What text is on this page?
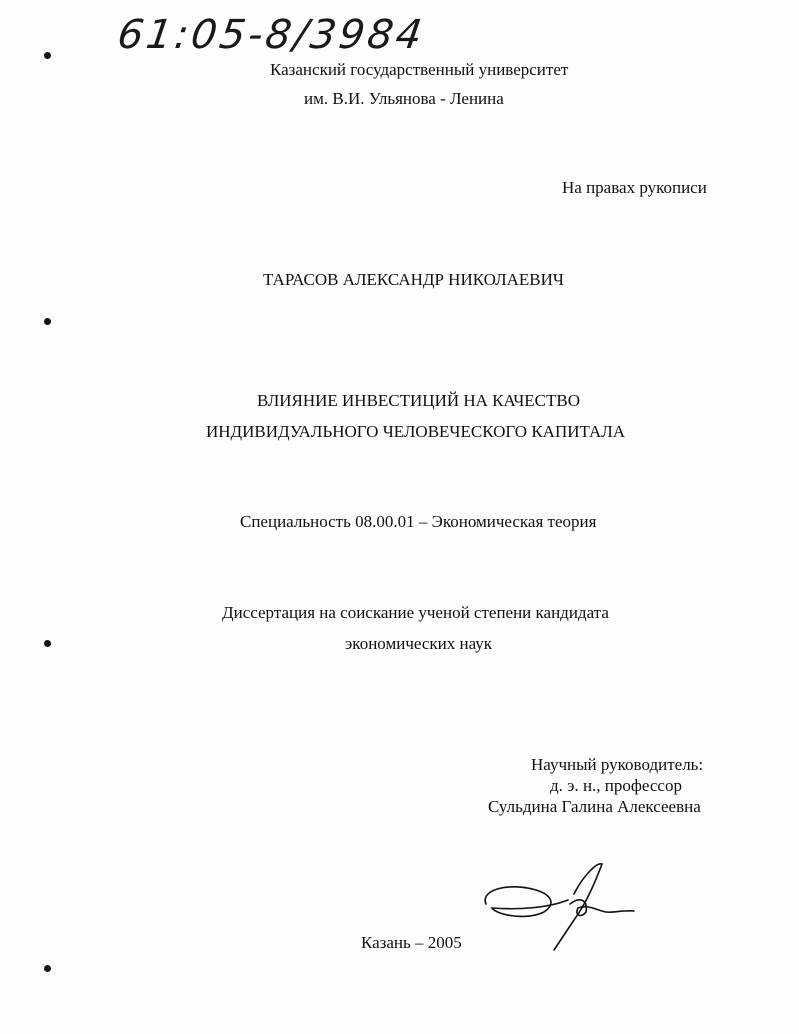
61:05-8/3984
Казанский государственный университет
им. В.И. Ульянова - Ленина
На правах рукописи
ТАРАСОВ АЛЕКСАНДР НИКОЛАЕВИЧ
ВЛИЯНИЕ ИНВЕСТИЦИЙ НА КАЧЕСТВО
ИНДИВИДУАЛЬНОГО ЧЕЛОВЕЧЕСКОГО КАПИТАЛА
Специальность 08.00.01 – Экономическая теория
Диссертация на соискание ученой степени кандидата
экономических наук
Научный руководитель:
д. э. н., профессор
Сульдина Галина Алексеевна
Казань – 2005
